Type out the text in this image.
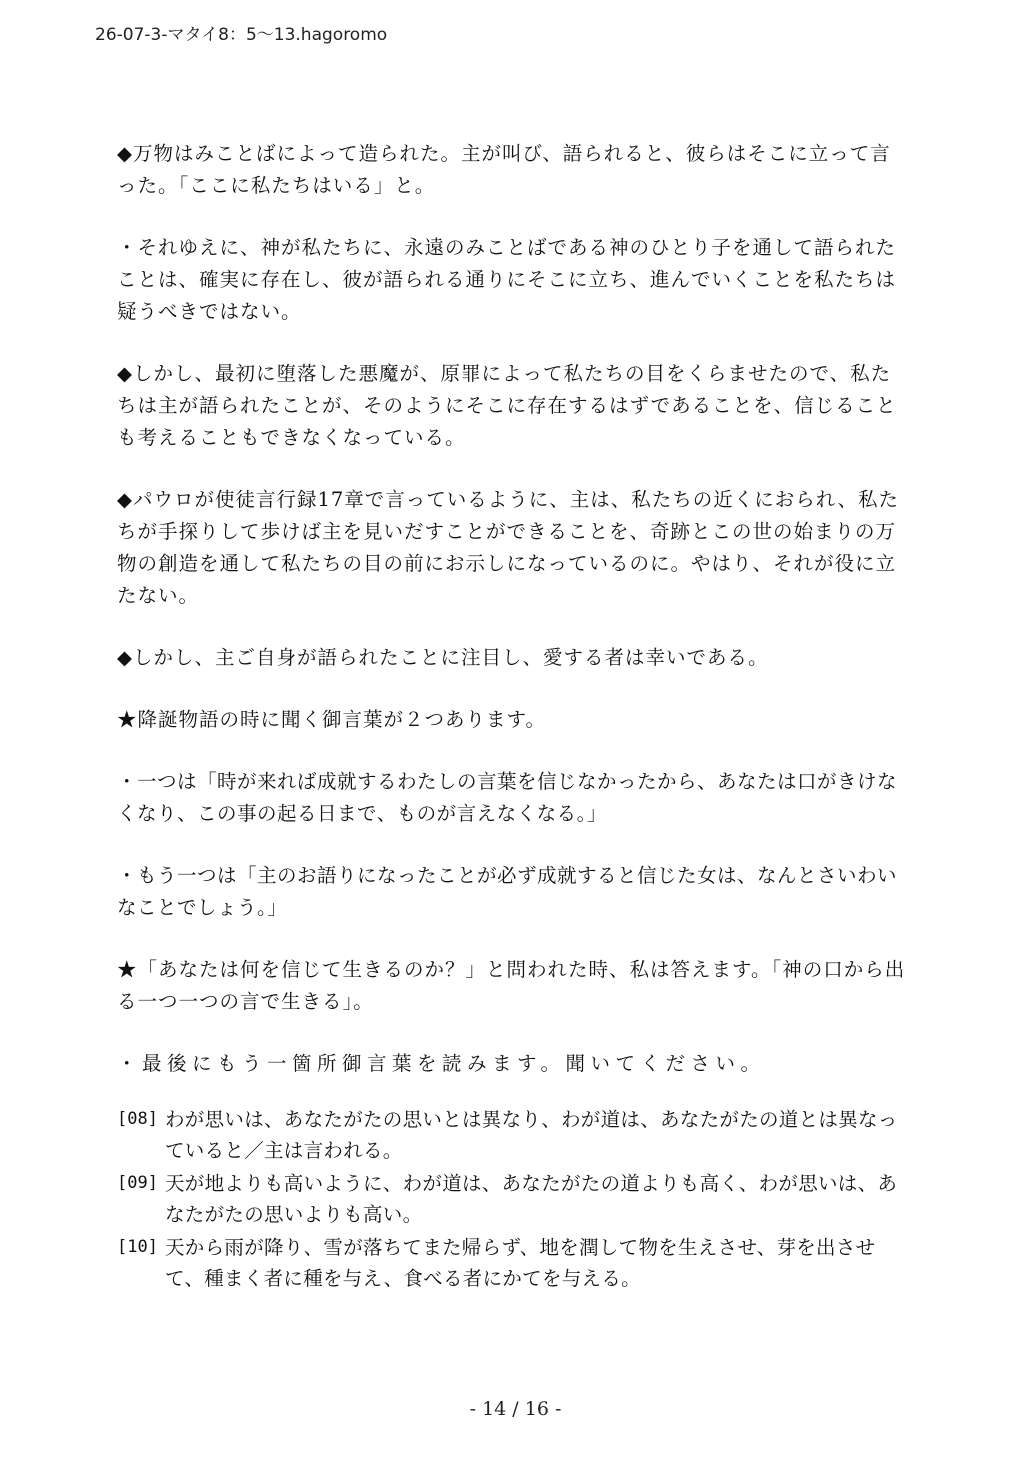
26-07-3-マタイ8：5〜13.hagoromo

◆万物はみことばによって造られた。主が叫び、語られると、彼らはそこに立って言った。「ここに私たちはいる」と。

・それゆえに、神が私たちに、永遠のみことばである神のひとり子を通して語られたことは、確実に存在し、彼が語られる通りにそこに立ち、進んでいくことを私たちは疑うべきではない。

◆しかし、最初に堕落した悪魔が、原罪によって私たちの目をくらませたので、私たちは主が語られたことが、そのようにそこに存在するはずであることを、信じることも考えることもできなくなっている。

◆パウロが使徒言行録17章で言っているように、主は、私たちの近くにおられ、私たちが手探りして歩けば主を見いだすことができることを、奇跡とこの世の始まりの万物の創造を通して私たちの目の前にお示しになっているのに。やはり、それが役に立たない。

◆しかし、主ご自身が語られたことに注目し、愛する者は幸いである。

★降誕物語の時に聞く御言葉が２つあります。

・一つは「時が来れば成就するわたしの言葉を信じなかったから、あなたは口がきけなくなり、この事の起る日まで、ものが言えなくなる。」

・もう一つは「主のお語りになったことが必ず成就すると信じた女は、なんとさいわいなことでしょう。」

★「あなたは何を信じて生きるのか？」と問われた時、私は答えます。「神の口から出る一つ一つの言で生きる」。

・最後にもう一箇所御言葉を読みます。聞いてください。

[08] わが思いは、あなたがたの思いとは異なり、わが道は、あなたがたの道とは異なっていると／主は言われる。
[09] 天が地よりも高いように、わが道は、あなたがたの道よりも高く、わが思いは、あなたがたの思いよりも高い。
[10] 天から雨が降り、雪が落ちてまた帰らず、地を潤して物を生えさせ、芽を出させて、種まく者に種を与え、食べる者にかてを与える。
- 14 / 16 -
